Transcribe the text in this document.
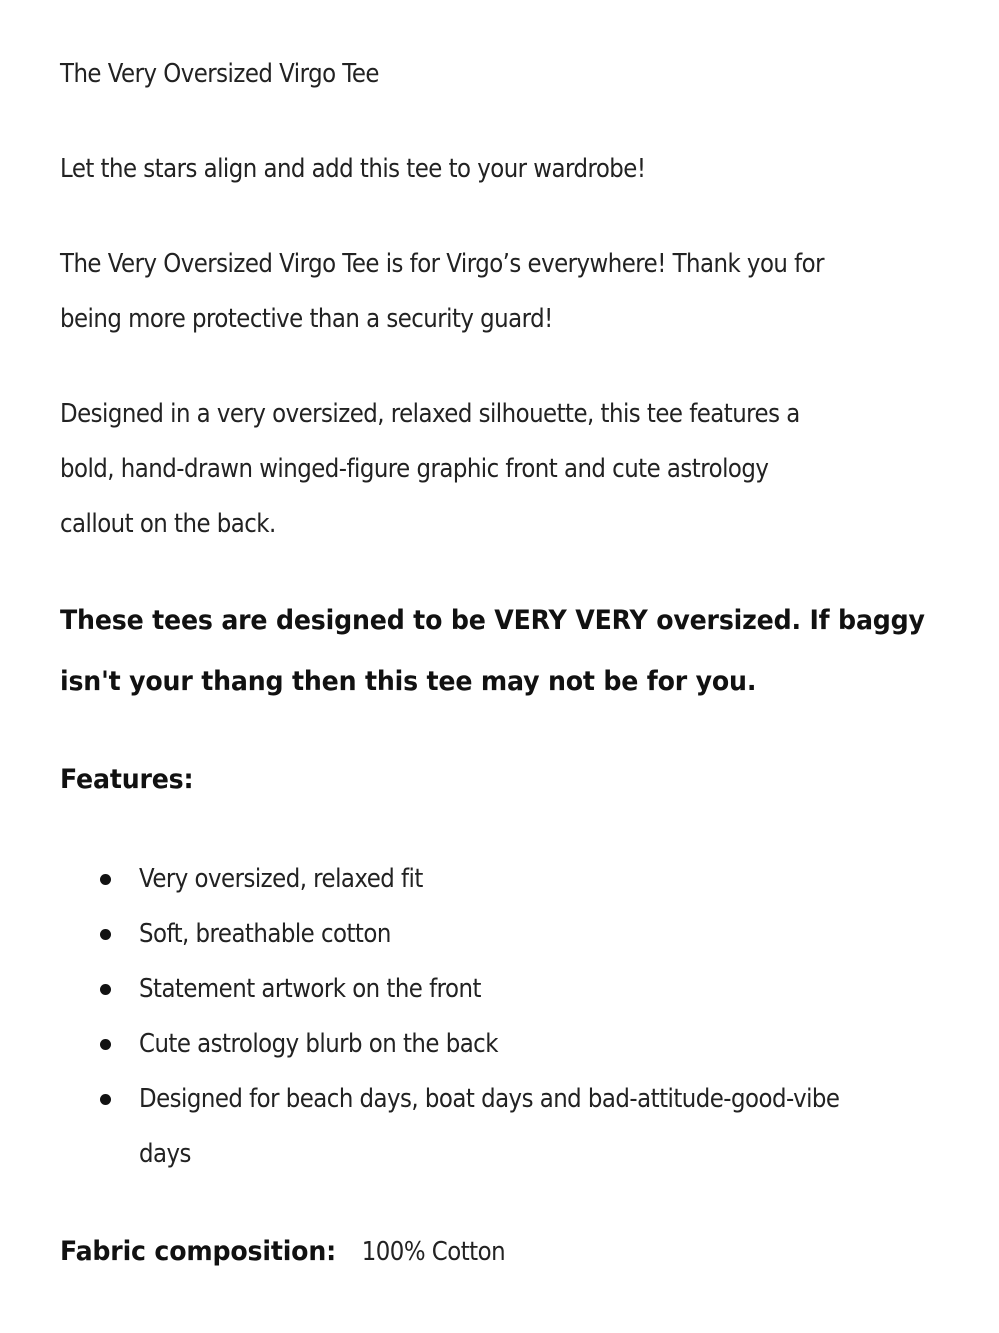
The Very Oversized Virgo Tee

Let the stars align and add this tee to your wardrobe!

The Very Oversized Virgo Tee is for Virgo’s everywhere! Thank you for
being more protective than a security guard!
Designed in a very oversized, relaxed silhouette, this tee features a
bold, hand-drawn winged-figure graphic front and cute astrology
callout on the back.
These tees are designed to be VERY VERY oversized. If baggy
isn't your thang then this tee may not be for you.

Features:

Very oversized, relaxed fit
Soft, breathable cotton
Statement artwork on the front
Cute astrology blurb on the back
Designed for beach days, boat days and bad-attitude-good-vibe
days
Fabric composition: 100% Cotton
